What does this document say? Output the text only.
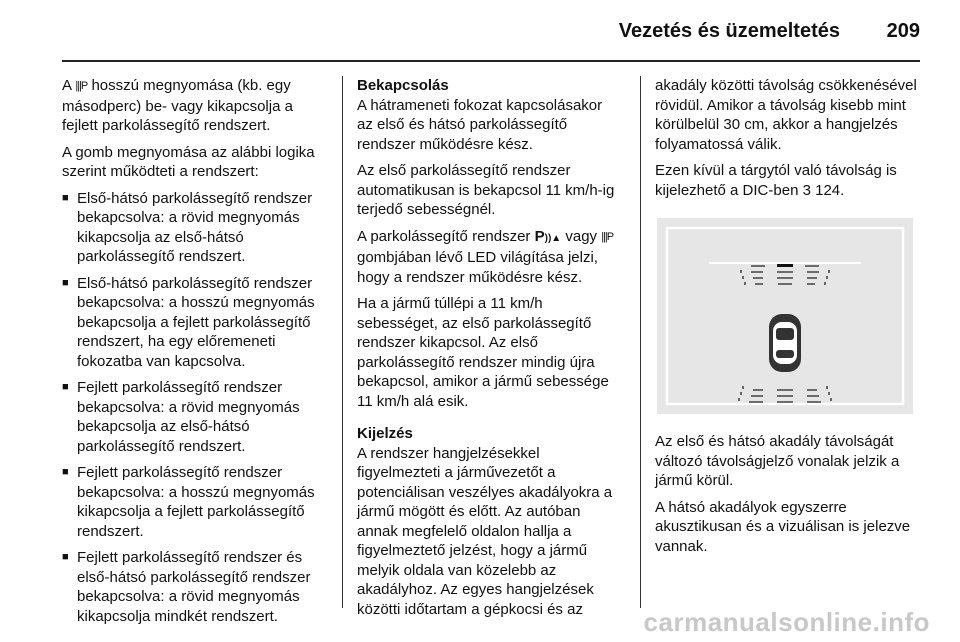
Vezetés és üzemeltetés 209

A |||P hosszú megnyomása (kb. egy másodperc) be- vagy kikapcsolja a fejlett parkolássegítő rendszert.

A gomb megnyomása az alábbi logika szerint működteti a rendszert:

■ Első-hátsó parkolássegítő rendszer bekapcsolva: a rövid megnyomás kikapcsolja az első-hátsó parkolássegítő rendszert.
■ Első-hátsó parkolássegítő rendszer bekapcsolva: a hosszú megnyomás bekapcsolja a fejlett parkolássegítő rendszert, ha egy előremeneti fokozatba van kapcsolva.
■ Fejlett parkolássegítő rendszer bekapcsolva: a rövid megnyomás bekapcsolja az első-hátsó parkolássegítő rendszert.
■ Fejlett parkolássegítő rendszer bekapcsolva: a hosszú megnyomás kikapcsolja a fejlett parkolássegítő rendszert.
■ Fejlett parkolássegítő rendszer és első-hátsó parkolássegítő rendszer bekapcsolva: a rövid megnyomás kikapcsolja mindkét rendszert.
Bekapcsolás

A hátrameneti fokozat kapcsolásakor az első és hátsó parkolássegítő rendszer működésre kész.

Az első parkolássegítő rendszer automatikusan is bekapcsol 11 km/h-ig terjedő sebességnél.

A parkolássegítő rendszer P))▲ vagy |||P gombjában lévő LED világítása jelzi, hogy a rendszer működésre kész.

Ha a jármű túllépi a 11 km/h sebességet, az első parkolássegítő rendszer kikapcsol. Az első parkolássegítő rendszer mindig újra bekapcsol, amikor a jármű sebessége 11 km/h alá esik.

Kijelzés

A rendszer hangjelzésekkel figyelmezteti a járművezetőt a potenciálisan veszélyes akadályokra a jármű mögött és előtt. Az autóban annak megfelelő oldalon hallja a figyelmeztető jelzést, hogy a jármű melyik oldala van közelebb az akadályhoz. Az egyes hangjelzések közötti időtartam a gépkocsi és az

akadály közötti távolság csökkenésével rövidül. Amikor a távolság kisebb mint körülbelül 30 cm, akkor a hangjelzés folyamatossá válik.

Ezen kívül a tárgytól való távolság is kijelezhető a DIC-ben 3 124.

Az első és hátsó akadály távolságát változó távolságjelző vonalak jelzik a jármű körül.

A hátsó akadályok egyszerre akusztikusan és a vizuálisan is jelezve vannak.

carmanualsonline.info
